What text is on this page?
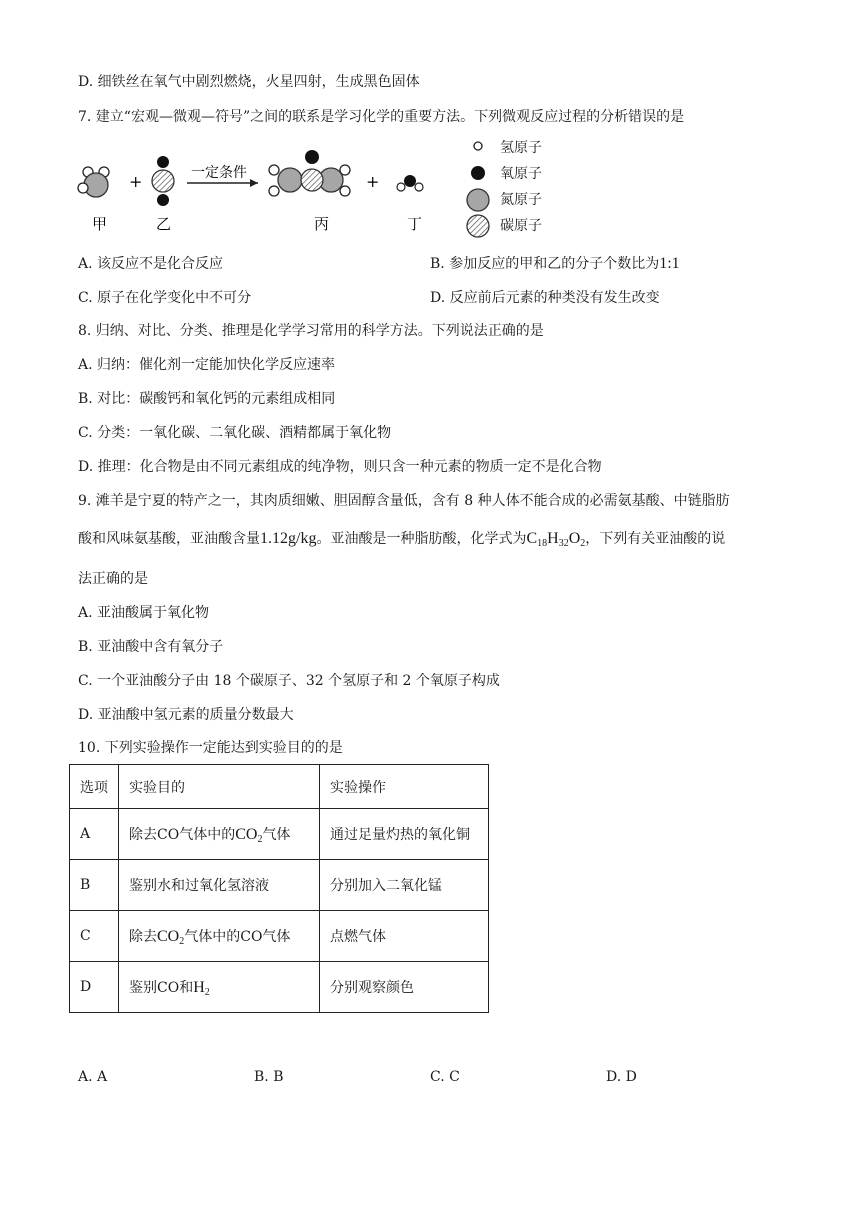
D. 细铁丝在氧气中剧烈燃烧，火星四射，生成黑色固体
7. 建立“宏观—微观—符号”之间的联系是学习化学的重要方法。下列微观反应过程的分析错误的是
+	一定条件	+
甲	乙	丙	丁
氢原子
氧原子
氮原子
碳原子
A. 该反应不是化合反应	B. 参加反应的甲和乙的分子个数比为1:1
C. 原子在化学变化中不可分	D. 反应前后元素的种类没有发生改变
8. 归纳、对比、分类、推理是化学学习常用的科学方法。下列说法正确的是
A. 归纳：催化剂一定能加快化学反应速率
B. 对比：碳酸钙和氧化钙的元素组成相同
C. 分类：一氧化碳、二氧化碳、酒精都属于氧化物
D. 推理：化合物是由不同元素组成的纯净物，则只含一种元素的物质一定不是化合物
9. 滩羊是宁夏的特产之一，其肉质细嫩、胆固醇含量低，含有 8 种人体不能合成的必需氨基酸、中链脂肪
酸和风味氨基酸，亚油酸含量1.12g/kg。亚油酸是一种脂肪酸，化学式为$C_{18}H_{32}O_2$，下列有关亚油酸的说
法正确的是
A. 亚油酸属于氧化物
B. 亚油酸中含有氧分子
C. 一个亚油酸分子由 18 个碳原子、32 个氢原子和 2 个氧原子构成
D. 亚油酸中氢元素的质量分数最大
10. 下列实验操作一定能达到实验目的的是
选项	实验目的	实验操作
A	除去CO气体中的$CO_2$气体	通过足量灼热的氧化铜
B	鉴别水和过氧化氢溶液	分别加入二氧化锰
C	除去$CO_2$气体中的CO气体	点燃气体
D	鉴别CO和$H_2$	分别观察颜色
A. A	B. B	C. C	D. D
